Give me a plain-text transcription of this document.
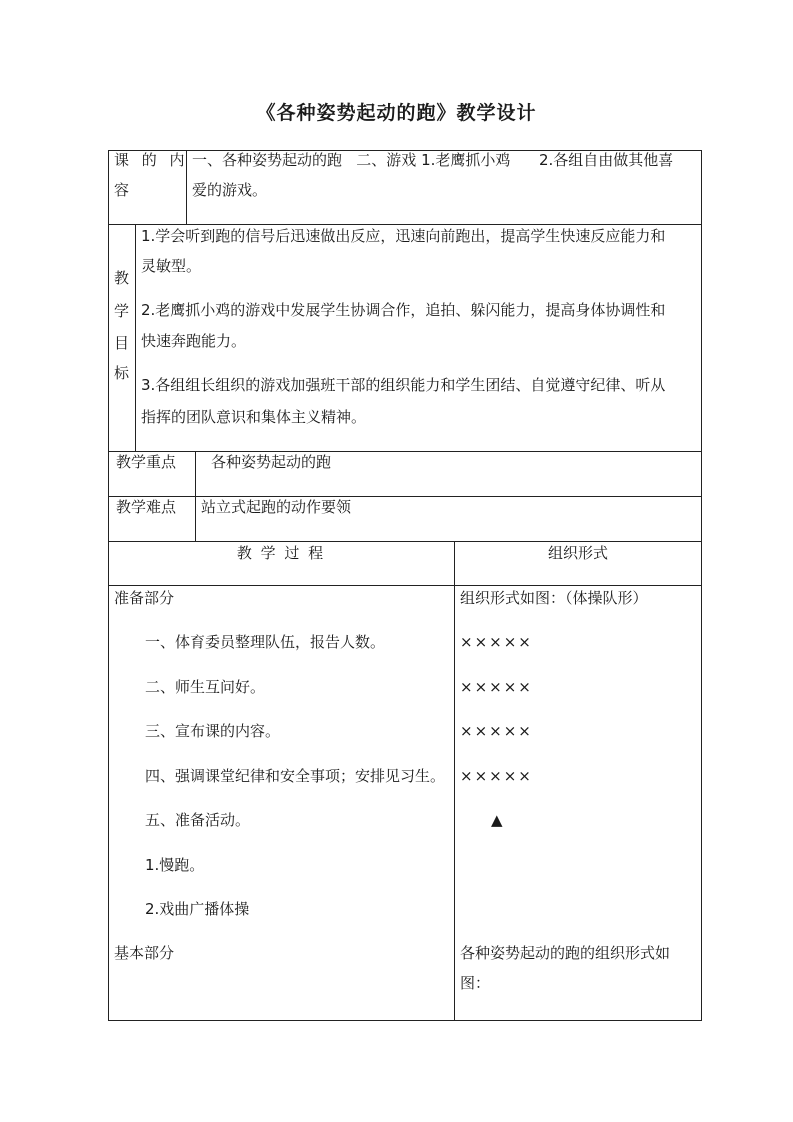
《各种姿势起动的跑》教学设计
课 的 内
容
一、各种姿势起动的跑   二、游戏 1.老鹰抓小鸡      2.各组自由做其他喜
爱的游戏。
教
学
目
标
1.学会听到跑的信号后迅速做出反应，迅速向前跑出，提高学生快速反应能力和
灵敏型。
2.老鹰抓小鸡的游戏中发展学生协调合作，追拍、躲闪能力，提高身体协调性和
快速奔跑能力。
3.各组组长组织的游戏加强班干部的组织能力和学生团结、自觉遵守纪律、听从
指挥的团队意识和集体主义精神。
教学重点 各种姿势起动的跑
教学难点 站立式起跑的动作要领
教 学 过 程	组织形式
准备部分
一、体育委员整理队伍，报告人数。
二、师生互问好。
三、宣布课的内容。
四、强调课堂纪律和安全事项；安排见习生。
五、准备活动。
1.慢跑。
2.戏曲广播体操
组织形式如图：（体操队形）
×××××
×××××
×××××
×××××
▲
基本部分	各种姿势起动的跑的组织形式如
图：
